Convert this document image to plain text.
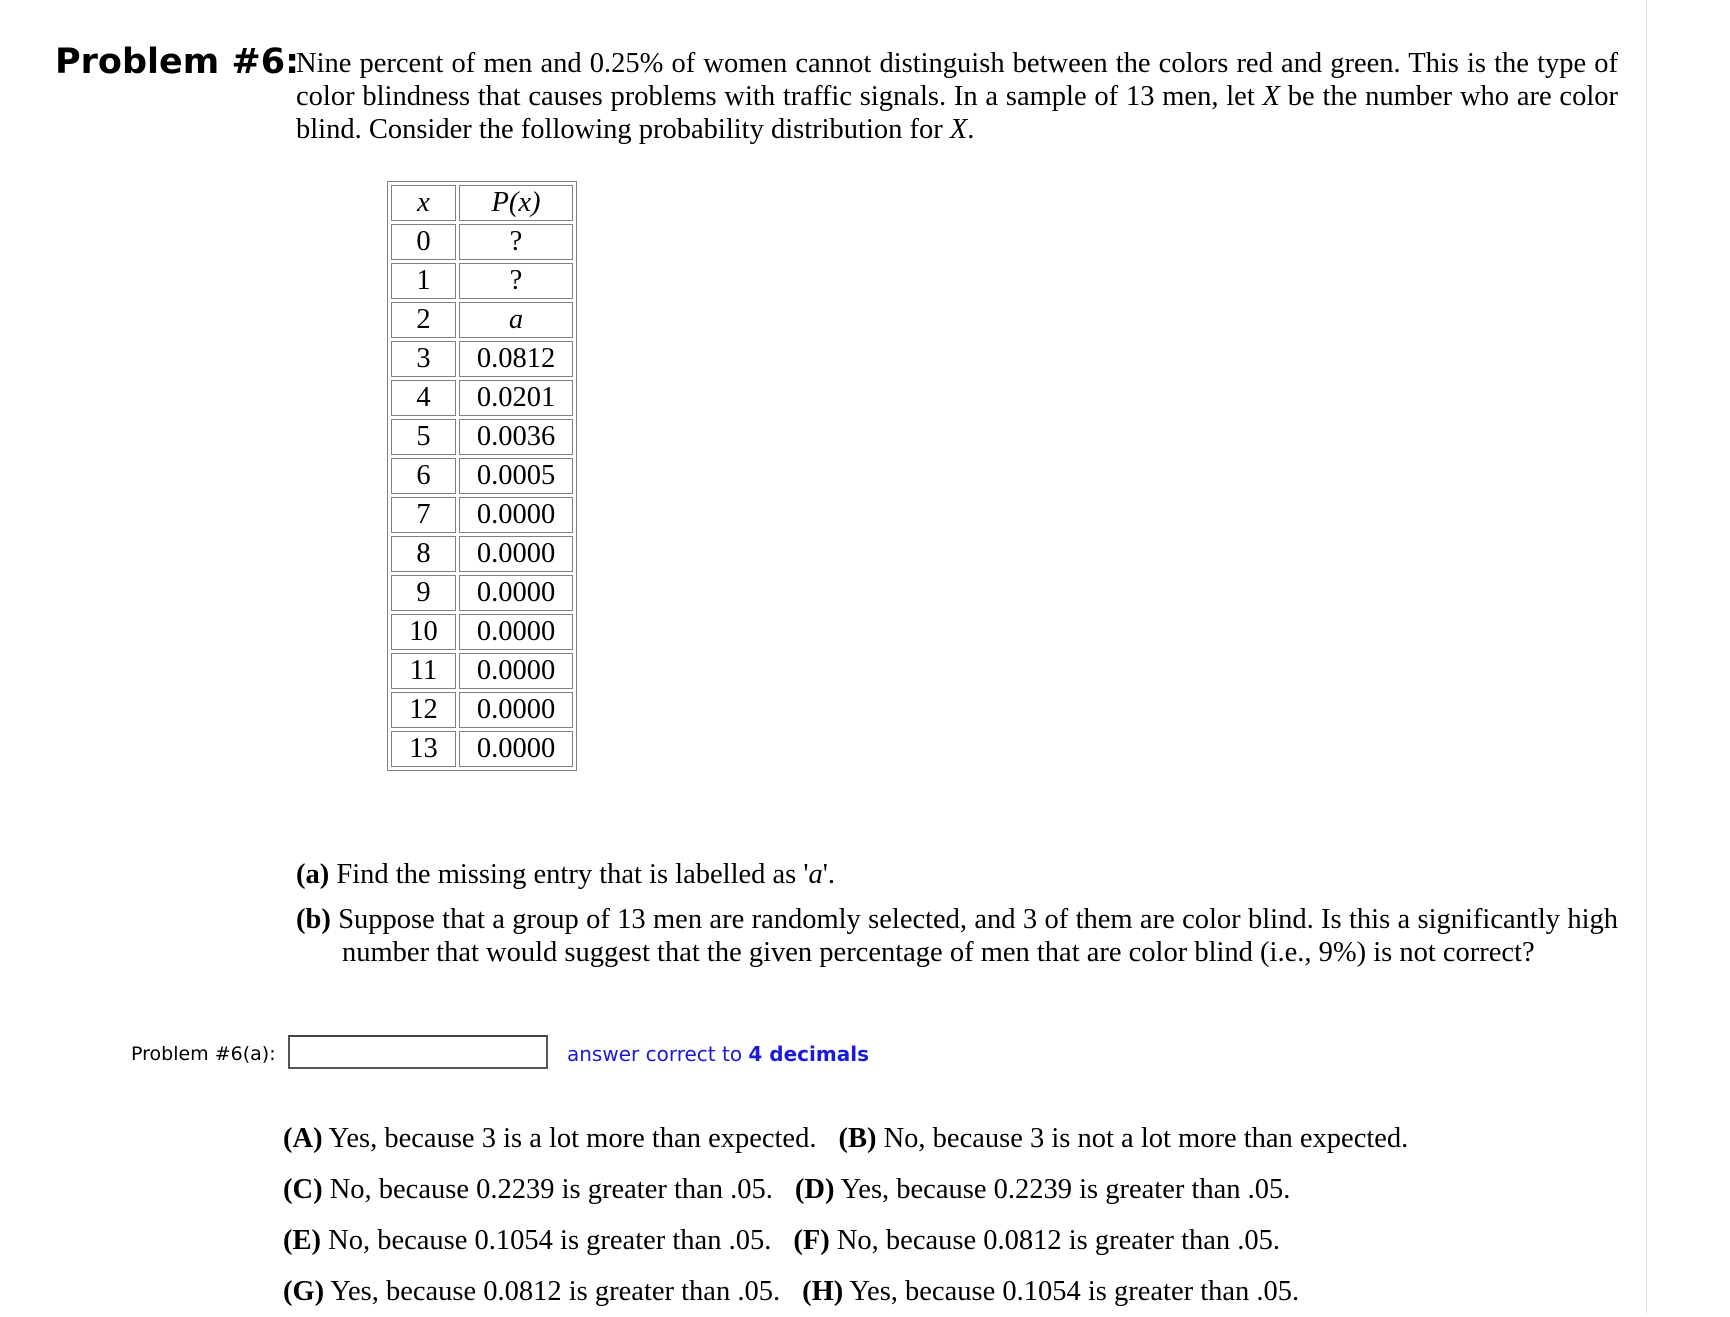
Problem #6:
Nine percent of men and 0.25% of women cannot distinguish between the colors red and green. This is the type of color blindness that causes problems with traffic signals. In a sample of 13 men, let X be the number who are color blind. Consider the following probability distribution for X.
x	P(x)
0	?
1	?
2	a
3	0.0812
4	0.0201
5	0.0036
6	0.0005
7	0.0000
8	0.0000
9	0.0000
10	0.0000
11	0.0000
12	0.0000
13	0.0000
(a) Find the missing entry that is labelled as 'a'.
(b) Suppose that a group of 13 men are randomly selected, and 3 of them are color blind. Is this a significantly high number that would suggest that the given percentage of men that are color blind (i.e., 9%) is not correct?
Problem #6(a):	answer correct to 4 decimals
(A) Yes, because 3 is a lot more than expected. (B) No, because 3 is not a lot more than expected.
(C) No, because 0.2239 is greater than .05. (D) Yes, because 0.2239 is greater than .05.
(E) No, because 0.1054 is greater than .05. (F) No, because 0.0812 is greater than .05.
(G) Yes, because 0.0812 is greater than .05. (H) Yes, because 0.1054 is greater than .05.
